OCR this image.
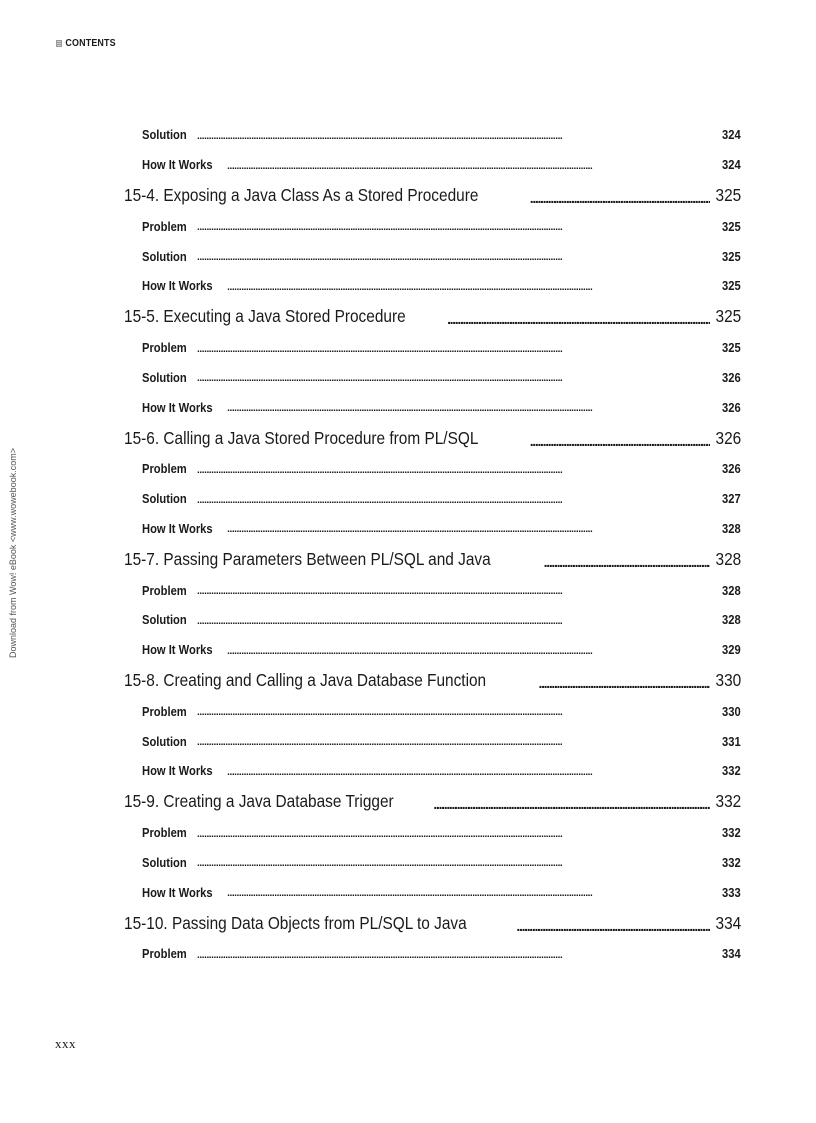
CONTENTS
Download from Wow! eBook <www.wowebook.com>
Solution . . .	324
How It Works . . .	324
15-4. Exposing a Java Class As a Stored Procedure . . .	325
Problem . . .	325
Solution . . .	325
How It Works . . .	325
15-5. Executing a Java Stored Procedure . . .	325
Problem . . .	325
Solution . . .	326
How It Works . . .	326
15-6. Calling a Java Stored Procedure from PL/SQL . . .	326
Problem . . .	326
Solution . . .	327
How It Works . . .	328
15-7. Passing Parameters Between PL/SQL and Java . . .	328
Problem . . .	328
Solution . . .	328
How It Works . . .	329
15-8. Creating and Calling a Java Database Function . . .	330
Problem . . .	330
Solution . . .	331
How It Works . . .	332
15-9. Creating a Java Database Trigger . . .	332
Problem . . .	332
Solution . . .	332
How It Works . . .	333
15-10. Passing Data Objects from PL/SQL to Java . . .	334
Problem . . .	334
xxx
